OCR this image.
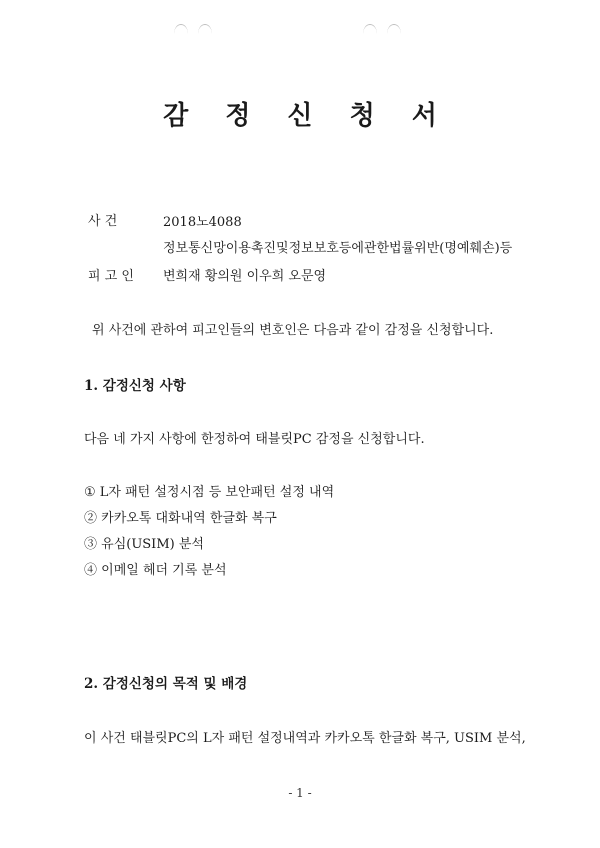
감 정 신 청 서
사 건	2018노4088
정보통신망이용촉진및정보보호등에관한법률위반(명예훼손)등
피 고 인 변희재 황의원 이우희 오문영
위 사건에 관하여 피고인들의 변호인은 다음과 같이 감정을 신청합니다.
1. 감정신청 사항
다음 네 가지 사항에 한정하여 태블릿PC 감정을 신청합니다.
① L자 패턴 설정시점 등 보안패턴 설정 내역
② 카카오톡 대화내역 한글화 복구
③ 유심(USIM) 분석
④ 이메일 헤더 기록 분석
2. 감정신청의 목적 및 배경
이 사건 태블릿PC의 L자 패턴 설정내역과 카카오톡 한글화 복구, USIM 분석,
- 1 -
